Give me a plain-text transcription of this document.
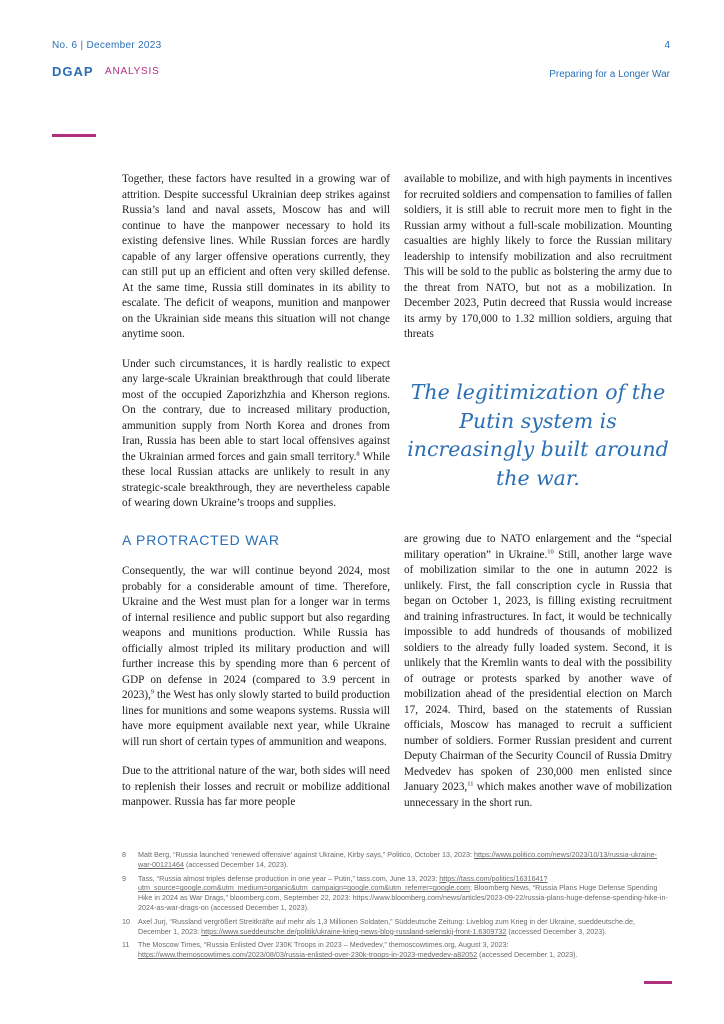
No. 6 | December 2023	4
DGAP ANALYSIS	Preparing for a Longer War

Together, these factors have resulted in a growing war of attrition. Despite successful Ukrainian deep strikes against Russia’s land and naval assets, Moscow has and will continue to have the manpower necessary to hold its existing defensive lines. While Russian forces are hardly capable of any larger offensive operations currently, they can still put up an efficient and often very skilled defense. At the same time, Russia still dominates in its ability to escalate. The deficit of weapons, munition and manpower on the Ukrainian side means this situation will not change anytime soon.

Under such circumstances, it is hardly realistic to expect any large-scale Ukrainian breakthrough that could liberate most of the occupied Zaporizhzhia and Kherson regions. On the contrary, due to increased military production, ammunition supply from North Korea and drones from Iran, Russia has been able to start local offensives against the Ukrainian armed forces and gain small territory.$^8$ While these local Russian attacks are unlikely to result in any strategic-scale breakthrough, they are nevertheless capable of wearing down Ukraine’s troops and supplies.

A PROTRACTED WAR

Consequently, the war will continue beyond 2024, most probably for a considerable amount of time. Therefore, Ukraine and the West must plan for a longer war in terms of internal resilience and public support but also regarding weapons and munitions production. While Russia has officially almost tripled its military production and will further increase this by spending more than 6 percent of GDP on defense in 2024 (compared to 3.9 percent in 2023),$^9$ the West has only slowly started to build production lines for munitions and some weapons systems. Russia will have more equipment available next year, while Ukraine will run short of certain types of ammunition and weapons.

Due to the attritional nature of the war, both sides will need to replenish their losses and recruit or mobilize additional manpower. Russia has far more people

available to mobilize, and with high payments in incentives for recruited soldiers and compensation to families of fallen soldiers, it is still able to recruit more men to fight in the Russian army without a full-scale mobilization. Mounting casualties are highly likely to force the Russian military leadership to intensify mobilization and also recruitment This will be sold to the public as bolstering the army due to the threat from NATO, but not as a mobilization. In December 2023, Putin decreed that Russia would increase its army by 170,000 to 1.32 million soldiers, arguing that threats

The legitimization of the Putin system is increasingly built around the war.

are growing due to NATO enlargement and the “special military operation” in Ukraine.$^{10}$ Still, another large wave of mobilization similar to the one in autumn 2022 is unlikely. First, the fall conscription cycle in Russia that began on October 1, 2023, is filling existing recruitment and training infrastructures. In fact, it would be technically impossible to add hundreds of thousands of mobilized soldiers to the already fully loaded system. Second, it is unlikely that the Kremlin wants to deal with the possibility of outrage or protests sparked by another wave of mobilization ahead of the presidential election on March 17, 2024. Third, based on the statements of Russian officials, Moscow has managed to recruit a sufficient number of soldiers. Former Russian president and current Deputy Chairman of the Security Council of Russia Dmitry Medvedev has spoken of 230,000 men enlisted since January 2023,11 which makes another wave of mobilization unnecessary in the short run.

8	Matt Berg, “Russia launched ‘renewed offensive’ against Ukraine, Kirby says,” Politico, October 13, 2023: https://www.politico.com/news/2023/10/13/russia-ukraine-war-00121464 (accessed December 14, 2023).
9	Tass, “Russia almost triples defense production in one year – Putin,” tass.com, June 13, 2023: https://tass.com/politics/1631641?utm_source=google.com&utm_medium=organic&utm_campaign=google.com&utm_referrer=google.com; Bloomberg News, “Russia Plans Huge Defense Spending Hike in 2024 as War Drags,” bloomberg.com, September 22, 2023: https://www.bloomberg.com/news/articles/2023-09-22/russia-plans-huge-defense-spending-hike-in-2024-as-war-drags-on (accessed December 1, 2023).
10	Axel Jurj, “Russland vergrößert Streitkräfte auf mehr als 1,3 Millionen Soldaten,” Süddeutsche Zeitung: Liveblog zum Krieg in der Ukraine, sueddeutsche.de, December 1, 2023: https://www.sueddeutsche.de/politik/ukraine-krieg-news-blog-russland-selenskij-front-1.6309732 (accessed December 3, 2023).
11	The Moscow Times, “Russia Enlisted Over 230K Troops in 2023 – Medvedev,” themoscowtimes.org, August 3, 2023: https://www.themoscowtimes.com/2023/08/03/russia-enlisted-over-230k-troops-in-2023-medvedev-a82052 (accessed December 1, 2023).
